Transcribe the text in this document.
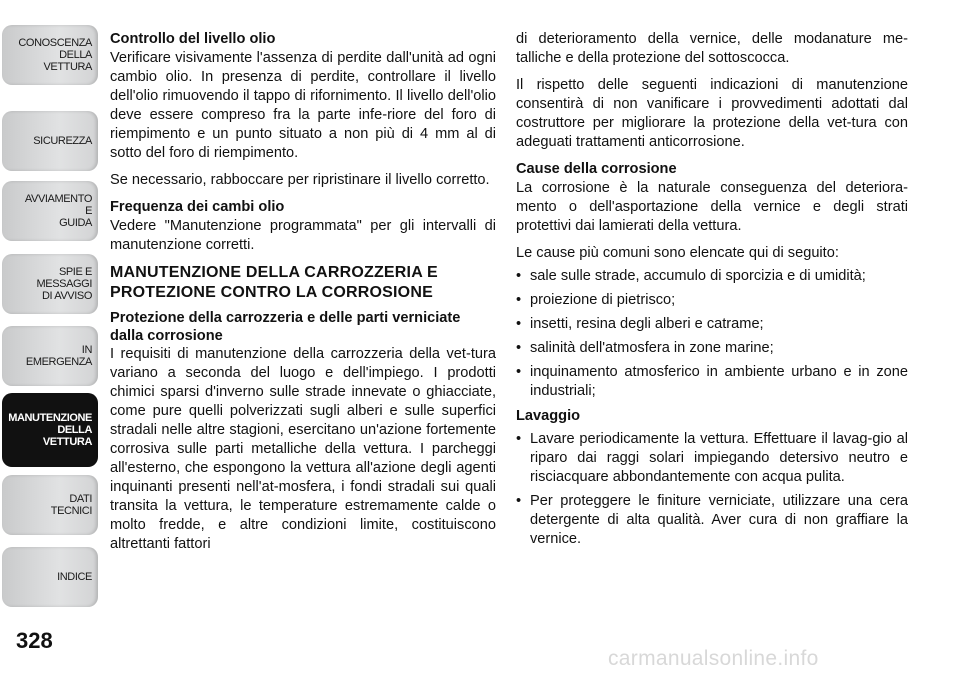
CONOSCENZA
DELLA
VETTURA
SICUREZZA
AVVIAMENTO
E
GUIDA
SPIE E
MESSAGGI
DI AVVISO
IN
EMERGENZA
MANUTENZIONE
DELLA
VETTURA
DATI
TECNICI
INDICE
328
Controllo del livello olio

Verificare visivamente l'assenza di perdite dall'unità ad ogni cambio olio. In presenza di perdite, controllare il livello dell'olio rimuovendo il tappo di rifornimento. Il livello dell'olio deve essere compreso fra la parte infe-riore del foro di riempimento e un punto situato a non più di 4 mm al di sotto del foro di riempimento.

Se necessario, rabboccare per ripristinare il livello corretto.

Frequenza dei cambi olio

Vedere "Manutenzione programmata" per gli intervalli di manutenzione corretti.

MANUTENZIONE DELLA CARROZZERIA E PROTEZIONE CONTRO LA CORROSIONE
Protezione della carrozzeria e delle parti verniciate dalla corrosione

I requisiti di manutenzione della carrozzeria della vet-tura variano a seconda del luogo e dell'impiego. I prodotti chimici sparsi d'inverno sulle strade innevate o ghiacciate, come pure quelli polverizzati sugli alberi e sulle superfici stradali nelle altre stagioni, esercitano un'azione fortemente corrosiva sulle parti metalliche della vettura. I parcheggi all'esterno, che espongono la vettura all'azione degli agenti inquinanti presenti nell'at-mosfera, i fondi stradali sui quali transita la vettura, le temperature estremamente calde o molto fredde, e altre condizioni limite, costituiscono altrettanti fattori

di deterioramento della vernice, delle modanature me-talliche e della protezione del sottoscocca.

Il rispetto delle seguenti indicazioni di manutenzione consentirà di non vanificare i provvedimenti adottati dal costruttore per migliorare la protezione della vet-tura con adeguati trattamenti anticorrosione.

Cause della corrosione

La corrosione è la naturale conseguenza del deteriora-mento o dell'asportazione della vernice e degli strati protettivi dai lamierati della vettura.

Le cause più comuni sono elencate qui di seguito:

• sale sulle strade, accumulo di sporcizia e di umidità;
• proiezione di pietrisco;
• insetti, resina degli alberi e catrame;
• salinità dell'atmosfera in zone marine;
• inquinamento atmosferico in ambiente urbano e in zone industriali;
Lavaggio
• Lavare periodicamente la vettura. Effettuare il lavag-gio al riparo dai raggi solari impiegando detersivo neutro e risciacquare abbondantemente con acqua pulita.
• Per proteggere le finiture verniciate, utilizzare una cera detergente di alta qualità. Aver cura di non graffiare la vernice.
carmanualsonline.info
